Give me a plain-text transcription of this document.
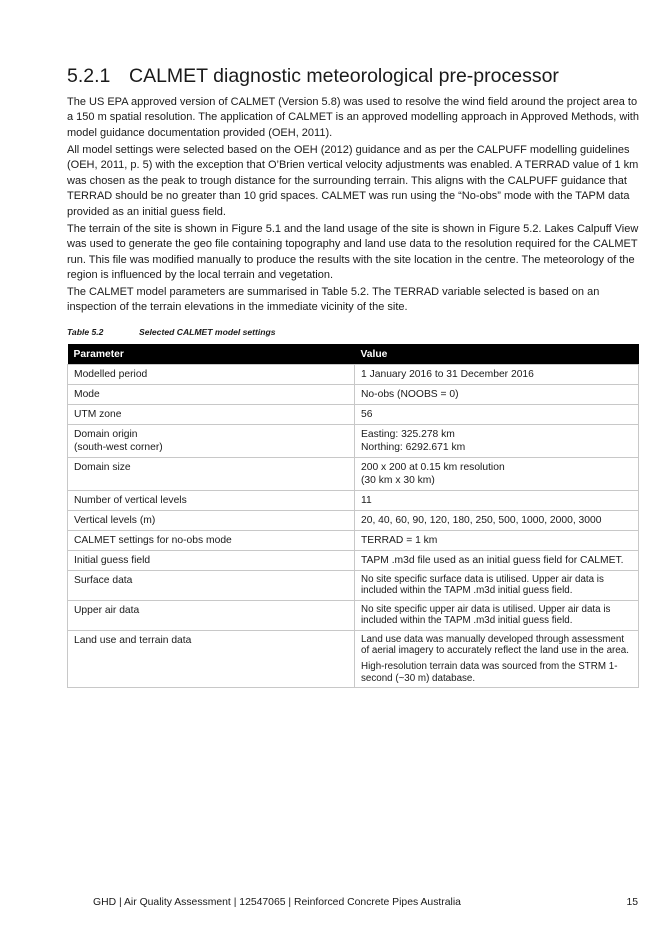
5.2.1 CALMET diagnostic meteorological pre-processor

The US EPA approved version of CALMET (Version 5.8) was used to resolve the wind field around the project area to a 150 m spatial resolution. The application of CALMET is an approved modelling approach in Approved Methods, with model guidance documentation provided (OEH, 2011).

All model settings were selected based on the OEH (2012) guidance and as per the CALPUFF modelling guidelines (OEH, 2011, p. 5) with the exception that O’Brien vertical velocity adjustments was enabled. A TERRAD value of 1 km was chosen as the peak to trough distance for the surrounding terrain. This aligns with the CALPUFF guidance that TERRAD should be no greater than 10 grid spaces. CALMET was run using the “No-obs” mode with the TAPM data provided as an initial guess field.

The terrain of the site is shown in Figure 5.1 and the land usage of the site is shown in Figure 5.2. Lakes Calpuff View was used to generate the geo file containing topography and land use data to the resolution required for the CALMET run. This file was modified manually to produce the results with the site location in the centre. The meteorology of the region is influenced by the local terrain and vegetation.

The CALMET model parameters are summarised in Table 5.2. The TERRAD variable selected is based on an inspection of the terrain elevations in the immediate vicinity of the site.

Table 5.2	Selected CALMET model settings
Parameter	Value

Modelled period	1 January 2016 to 31 December 2016

Mode	No-obs (NOOBS = 0)

UTM zone	56

Domain origin
(south-west corner)	Easting: 325.278 km
Northing: 6292.671 km

Domain size	200 x 200 at 0.15 km resolution
(30 km x 30 km)

Number of vertical levels	11

Vertical levels (m)	20, 40, 60, 90, 120, 180, 250, 500, 1000, 2000, 3000

CALMET settings for no-obs mode	TERRAD = 1 km

Initial guess field	TAPM .m3d file used as an initial guess field for CALMET.

Surface data	No site specific surface data is utilised. Upper air data is included within the TAPM .m3d initial guess field.

Upper air data	No site specific upper air data is utilised. Upper air data is included within the TAPM .m3d initial guess field.

Land use and terrain data	Land use data was manually developed through assessment of aerial imagery to accurately reflect the land use in the area.
High-resolution terrain data was sourced from the STRM 1-second (~30 m) database.
GHD | Air Quality Assessment | 12547065 | Reinforced Concrete Pipes Australia	15
